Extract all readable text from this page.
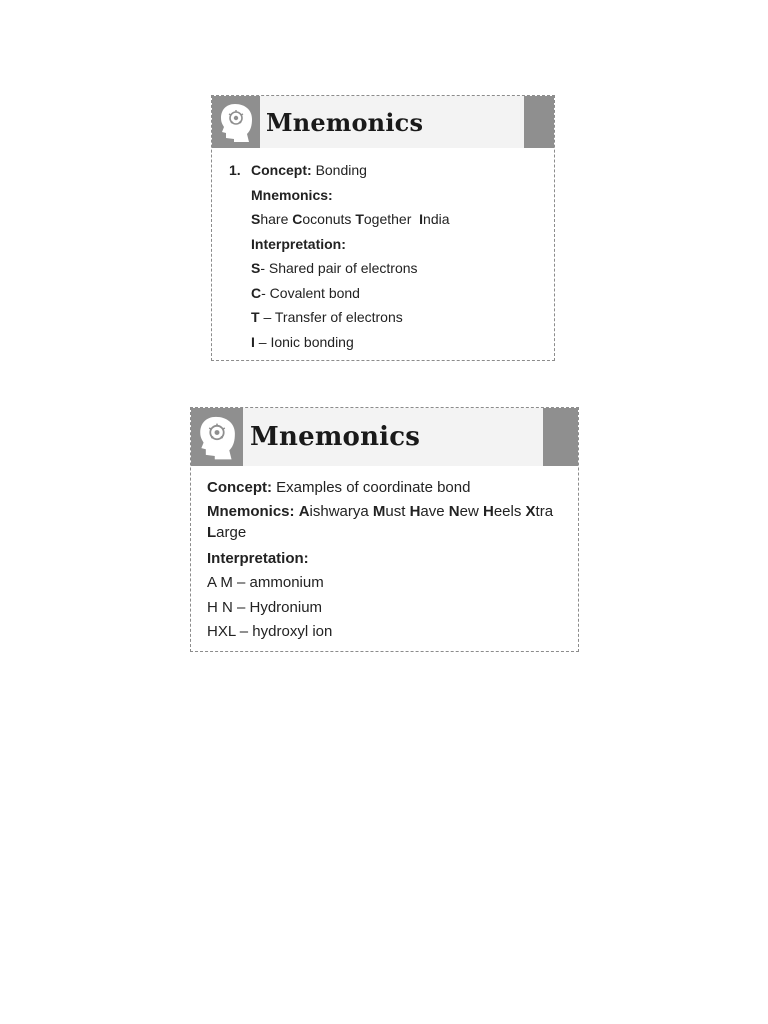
Mnemonics
1. Concept: Bonding
Mnemonics:
Share Coconuts Together India
Interpretation:
S- Shared pair of electrons
C- Covalent bond
T – Transfer of electrons
I – Ionic bonding
Mnemonics
Concept: Examples of coordinate bond
Mnemonics: Aishwarya Must Have New Heels Xtra
Large
Interpretation:
A M – ammonium
H N – Hydronium
HXL – hydroxyl ion
